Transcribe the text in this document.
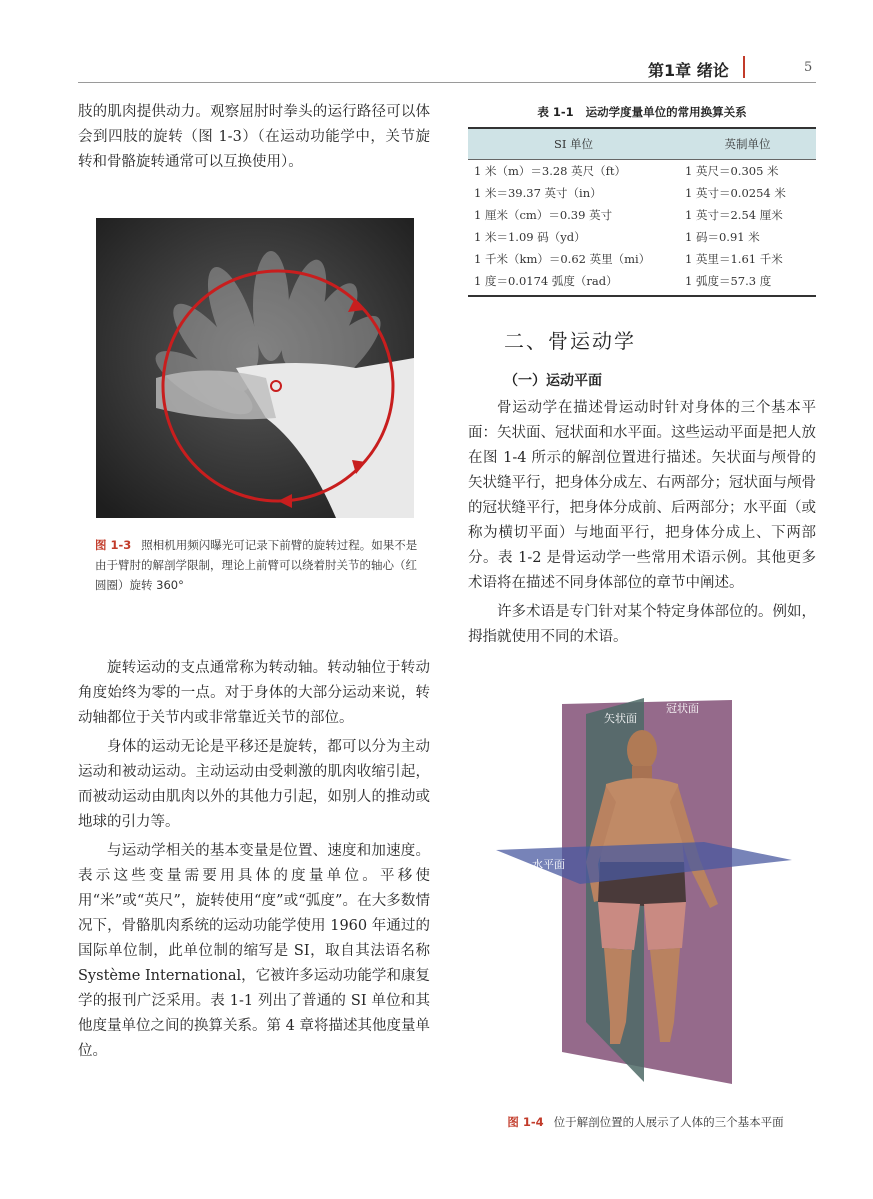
第1章 绪论	5

肢的肌肉提供动力。观察屈肘时拳头的运行路径可以体会到四肢的旋转（图 1-3）（在运动功能学中，关节旋转和骨骼旋转通常可以互换使用）。

图 1-3 照相机用频闪曝光可记录下前臂的旋转过程。如果不是由于臂肘的解剖学限制，理论上前臂可以绕着肘关节的轴心（红圆圈）旋转 360°

旋转运动的支点通常称为转动轴。转动轴位于转动角度始终为零的一点。对于身体的大部分运动来说，转动轴都位于关节内或非常靠近关节的部位。

身体的运动无论是平移还是旋转，都可以分为主动运动和被动运动。主动运动由受刺激的肌肉收缩引起，而被动运动由肌肉以外的其他力引起，如别人的推动或地球的引力等。

与运动学相关的基本变量是位置、速度和加速度。表示这些变量需要用具体的度量单位。平移使用“米”或“英尺”，旋转使用“度”或“弧度”。在大多数情况下，骨骼肌肉系统的运动功能学使用 1960 年通过的国际单位制，此单位制的缩写是 SI，取自其法语名称 Système International，它被许多运动功能学和康复学的报刊广泛采用。表 1-1 列出了普通的 SI 单位和其他度量单位之间的换算关系。第 4 章将描述其他度量单位。

表 1-1 运动学度量单位的常用换算关系
SI 单位	英制单位
1 米（m）＝3.28 英尺（ft）	1 英尺＝0.305 米
1 米＝39.37 英寸（in）	1 英寸＝0.0254 米
1 厘米（cm）＝0.39 英寸	1 英寸＝2.54 厘米
1 米＝1.09 码（yd）	1 码＝0.91 米
1 千米（km）＝0.62 英里（mi）	1 英里＝1.61 千米
1 度＝0.0174 弧度（rad）	1 弧度＝57.3 度
二、骨运动学
（一）运动平面

骨运动学在描述骨运动时针对身体的三个基本平面：矢状面、冠状面和水平面。这些运动平面是把人放在图 1-4 所示的解剖位置进行描述。矢状面与颅骨的矢状缝平行，把身体分成左、右两部分；冠状面与颅骨的冠状缝平行，把身体分成前、后两部分；水平面（或称为横切平面）与地面平行，把身体分成上、下两部分。表 1-2 是骨运动学一些常用术语示例。其他更多术语将在描述不同身体部位的章节中阐述。

许多术语是专门针对某个特定身体部位的。例如，拇指就使用不同的术语。

矢状面
冠状面
水平面
图 1-4 位于解剖位置的人展示了人体的三个基本平面
